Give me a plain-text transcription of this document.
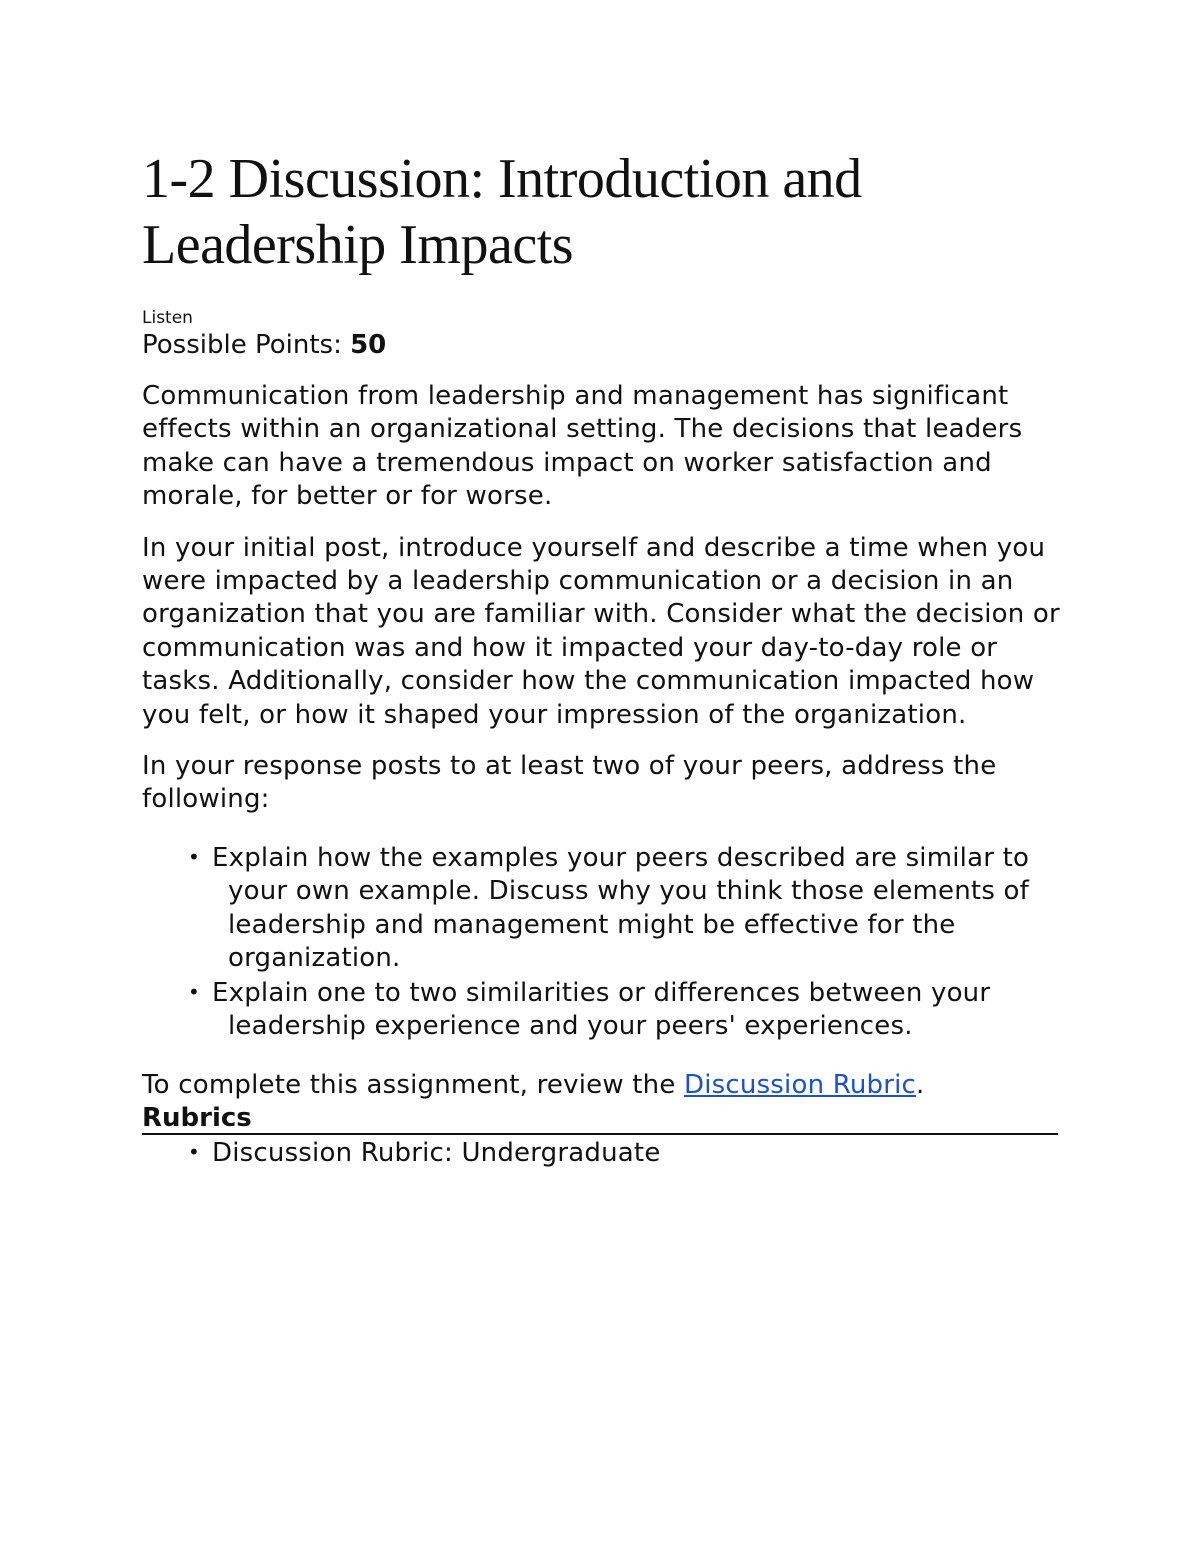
1-2 Discussion: Introduction and Leadership Impacts
Listen
Possible Points: 50

Communication from leadership and management has significant effects within an organizational setting. The decisions that leaders make can have a tremendous impact on worker satisfaction and morale, for better or for worse.

In your initial post, introduce yourself and describe a time when you were impacted by a leadership communication or a decision in an organization that you are familiar with. Consider what the decision or communication was and how it impacted your day-to-day role or tasks. Additionally, consider how the communication impacted how you felt, or how it shaped your impression of the organization.

In your response posts to at least two of your peers, address the following:

• Explain how the examples your peers described are similar to your own example. Discuss why you think those elements of leadership and management might be effective for the organization.
• Explain one to two similarities or differences between your leadership experience and your peers' experiences.

To complete this assignment, review the Discussion Rubric.

Rubrics
• Discussion Rubric: Undergraduate
